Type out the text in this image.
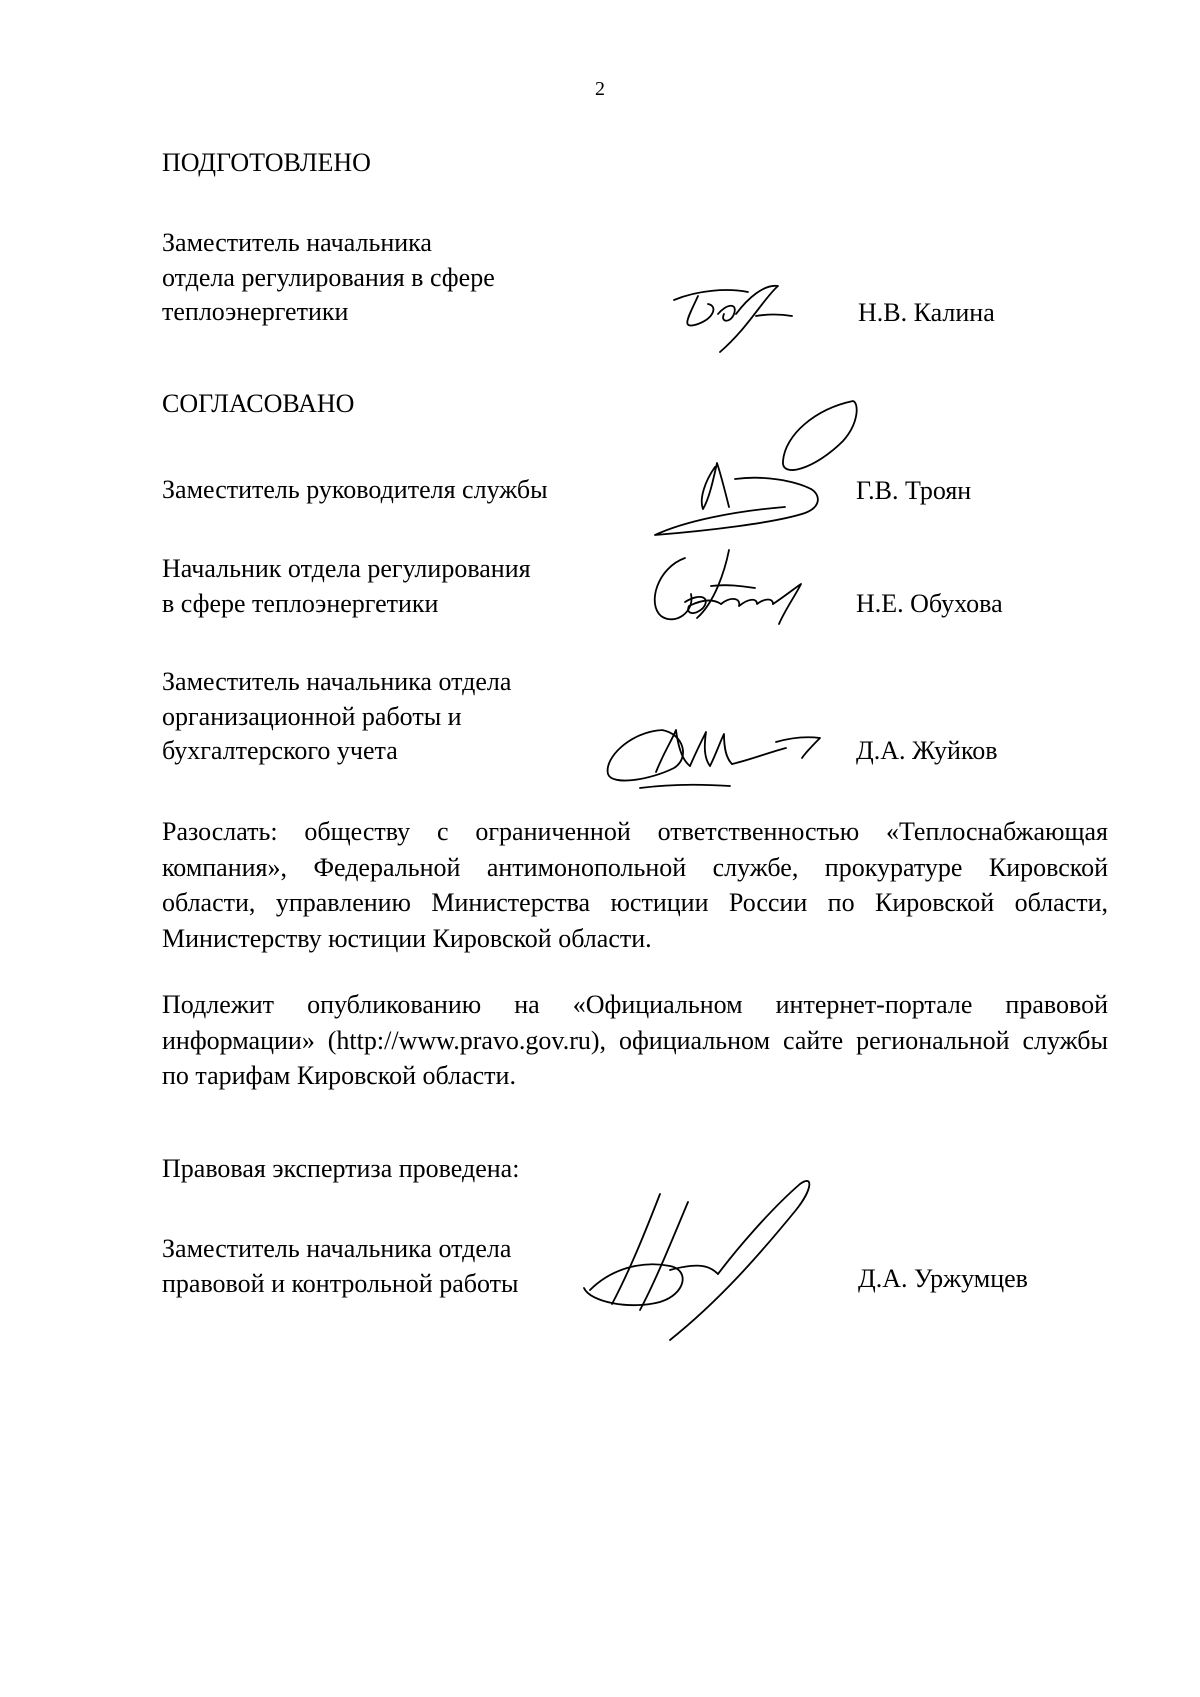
2
ПОДГОТОВЛЕНО
Заместитель начальника
отдела регулирования в сфере
теплоэнергетики	Н.В. Калина
СОГЛАСОВАНО
Заместитель руководителя службы	Г.В. Троян
Начальник отдела регулирования
в сфере теплоэнергетики	Н.Е. Обухова
Заместитель начальника отдела
организационной работы и
бухгалтерского учета	Д.А. Жуйков
Разослать: обществу с ограниченной ответственностью «Теплоснабжающая компания», Федеральной антимонопольной службе, прокуратуре Кировской области, управлению Министерства юстиции России по Кировской области, Министерству юстиции Кировской области.
Подлежит опубликованию на «Официальном интернет-портале правовой информации» (http://www.pravo.gov.ru), официальном сайте региональной службы по тарифам Кировской области.
Правовая экспертиза проведена:
Заместитель начальника отдела
правовой и контрольной работы	Д.А. Уржумцев
